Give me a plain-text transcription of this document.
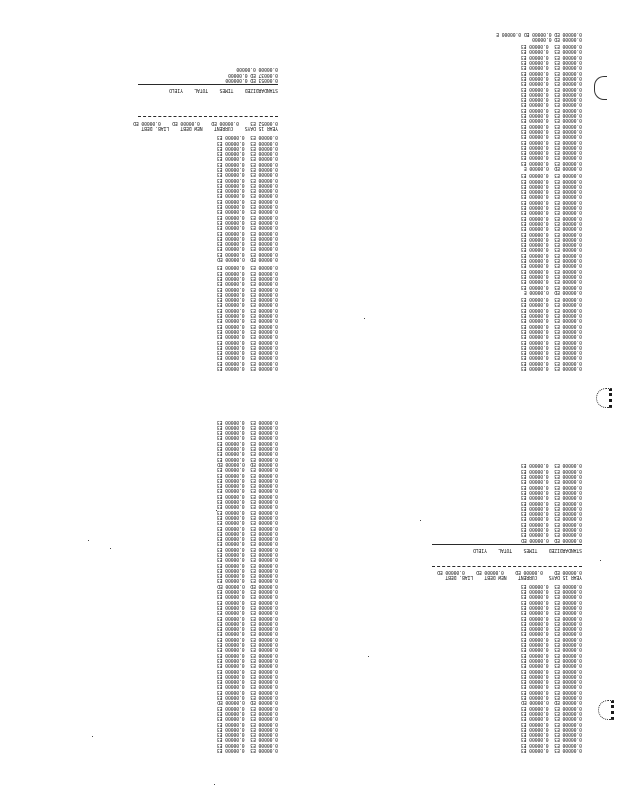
0.00000 E30.00000 E3
0.00000 E30.00000 E3
0.00000 E30.00000 E3
0.00000 E30.00000 E3
0.00000 E30.00000 E3
0.00000 E30.00000 E3
0.00000 E30.00000 E3
0.00000 E30.00000 E3
0.00000 E30.00000 E3
0.00000 E30.00000 E3
0.00000 E30.00000 E3
0.00000 E30.00000 E3
0.00000 E30.00000 E3
0.00000 E30.00000 E3
0.00000 E30.00000 E3
0.00000 E30.00000 E3
0.00000 E30.00000 E3
0.00000 E30.00000 E3
0.00000 E30.00000 E3
0.00000 E30.00000 E3
0.00000 ED  0.00000 ED
0.00000 E30.00000 E3
0.00000 E30.00000 E3
0.00000 E30.00000 E3
0.00000 E30.00000 E3
0.00000 E30.00000 E3
0.00000 E30.00000 E3
0.00000 E30.00000 E3
0.00000 E30.00000 E3
0.00000 E30.00000 E3
0.00000 E30.00000 E3
0.00000 E30.00000 E3
0.00000 E30.00000 E3
0.00000 E30.00000 E3
0.00000 E30.00000 E3
0.00000 E30.00000 E3
0.00000 E30.00000 E3
0.00000 E30.00000 E3
0.00000 E30.00000 E3
0.00000 E30.00000 E3
0.00000 E30.00000 E3
0.00000 E30.00000 E3
0.00000 E30.00000 E3
0.00000 E30.00000 E3
YEAR 15 DAYS
CURRENT
NEW DEBT
LIAB. DEBT
0.00052 E3
0.00000 ED
0.00000 ED
0.00000 ED
STANDARDIZED
TIMES
TOTAL
YIELD
0.00053 ED 0.000000
0.00037 ED 0.00000
0.00000 0.00000
0.00000 E30.00000 E3
0.00000 E30.00000 E3
0.00000 E30.00000 E3
0.00000 E30.00000 E3
0.00000 E30.00000 E3
0.00000 E30.00000 E3
0.00000 E30.00000 E3
0.00000 E30.00000 E3
0.00000 E30.00000 E3
0.00000 E30.00000 E3
0.00000 E30.00000 E3
0.00000 E30.00000 E3
0.00000 E30.00000 E3
0.00000 E30.00000 E3
0.00000 ED  0.00000 E
0.00000 E30.00000 E3
0.00000 E30.00000 E3
0.00000 E30.00000 E3
0.00000 E30.00000 E3
0.00000 E30.00000 E3
0.00000 E30.00000 E3
0.00000 E30.00000 E3
0.00000 E30.00000 E3
0.00000 E30.00000 E3
0.00000 E30.00000 E3
0.00000 E30.00000 E3
0.00000 E30.00000 E3
0.00000 E30.00000 E3
0.00000 E30.00000 E3
0.00000 E30.00000 E3
0.00000 E30.00000 E3
0.00000 E30.00000 E3
0.00000 E30.00000 E3
0.00000 E30.00000 E3
0.00000 E30.00000 E3
0.00000 E30.00000 E3
0.00000 E30.00000 E3
0.00000 ED  0.00000 E
0.00000 E30.00000 E3
0.00000 E30.00000 E3
0.00000 E30.00000 E3
0.00000 E30.00000 E3
0.00000 E30.00000 E3
0.00000 E30.00000 E3
0.00000 E30.00000 E3
0.00000 E30.00000 E3
0.00000 E30.00000 E3
0.00000 E30.00000 E3
0.00000 E30.00000 E3
0.00000 E30.00000 E3
0.00000 E30.00000 E3
0.00000 E30.00000 E3
0.00000 E30.00000 E3
0.00000 E30.00000 E3
0.00000 E30.00000 E3
0.00000 E30.00000 E3
0.00000 E30.00000 E3
0.00000 E30.00000 E3
0.00000 E30.00000 E3
0.00000 E30.00000 E3
0.00000 E30.00000 E3
0.00000 ED 0.00000
0.00000 ED 0.00000 ED 0.00000 E
0.00000 E30.00000 E3
0.00000 E30.00000 E3
0.00000 E30.00000 E3
0.00000 E30.00000 E3
0.00000 E30.00000 E3
0.00000 E30.00000 E3
0.00000 E30.00000 E3
0.00000 E30.00000 E3
0.00000 E30.00000 E3
0.00000 ED  0.00000 ED
0.00000 E30.00000 E3
0.00000 E30.00000 E3
0.00000 E30.00000 E3
0.00000 E30.00000 E3
0.00000 E30.00000 E3
0.00000 E30.00000 E3
0.00000 E30.00000 E3
0.00000 E30.00000 E3
0.00000 E30.00000 E3
0.00000 E30.00000 E3
0.00000 E30.00000 E3
0.00000 E30.00000 E3
0.00000 E30.00000 E3
0.00000 E30.00000 E3
0.00000 E30.00000 E3
0.00000 E30.00000 E3
0.00000 E30.00000 E3
0.00000 E30.00000 E3
0.00000 E30.00000 E3
0.00000 E30.00000 E3
0.00000 E30.00000 E3
0.00000 ED  0.00000 ED
0.00000 E30.00000 E3
0.00000 E30.00000 E3
0.00000 E30.00000 E3
0.00000 E30.00000 E3
0.00000 E30.00000 E3
0.00000 E30.00000 E3
0.00000 E30.00000 E3
0.00000 E30.00000 E3
0.00000 E30.00000 E3
0.00000 E30.00000 E3
0.00000 E30.00000 E3
0.00000 E30.00000 E3
0.00000 E30.00000 E3
0.00000 E30.00000 E3
0.00000 E30.00000 E3
0.00000 E30.00000 E3
0.00000 E30.00000 E3
0.00000 E30.00000 E3
0.00000 E30.00000 E3
0.00000 E30.00000 E3
0.00000 E30.00000 E3
0.00000 E30.00000 E3
0.00000 ED  0.00000 ED
0.00000 E30.00000 E3
0.00000 E30.00000 E3
0.00000 E30.00000 E3
0.00000 E30.00000 E3
0.00000 E30.00000 E3
0.00000 E30.00000 E3
0.00000 E30.00000 E3
0.00000 E30.00000 E3
0.00000 E30.00000 E3
0.00000 E30.00000 E3
0.00000 E30.00000 E3
0.00000 E30.00000 E3
0.00000 E30.00000 E3
0.00000 E30.00000 E3
0.00000 E30.00000 E3
0.00000 E30.00000 E3
0.00000 E30.00000 E3
0.00000 ED  0.00000 ED
0.00000 E30.00000 E3
0.00000 E30.00000 E3
0.00000 E30.00000 E3
0.00000 E30.00000 E3
0.00000 E30.00000 E3
0.00000 E30.00000 E3
0.00000 E30.00000 E3
0.00000 E30.00000 E3
0.00000 E30.00000 E3
0.00000 E30.00000 E3
0.00000 E30.00000 E3
0.00000 E30.00000 E3
0.00000 E30.00000 E3
0.00000 E30.00000 E3
0.00000 E30.00000 E3
0.00000 E30.00000 E3
0.00000 E30.00000 E3
0.00000 E30.00000 E3
0.00000 E30.00000 E3
0.00000 E30.00000 E3
0.00000 E30.00000 E3
0.00000 E30.00000 E3
YEAR 15 DAYS
CURRENT
NEW DEBT
LIAB. DEBT
0.00000 ED
0.00000 ED
0.00000 ED
0.00000 ED
STANDARDIZED
TIMES
TOTAL
YIELD
0.00000 ED  0.00000 ED
0.00000 E30.00000 E3
0.00000 E30.00000 E3
0.00000 E30.00000 E3
0.00000 E30.00000 E3
0.00000 E30.00000 E3
0.00000 E30.00000 E3
0.00000 E30.00000 E3
0.00000 E30.00000 E3
0.00000 E30.00000 E3
0.00000 E30.00000 E3
0.00000 E30.00000 E3
0.00000 E30.00000 E3
0.00000 E30.00000 E3
0.00000 E30.00000 E3
